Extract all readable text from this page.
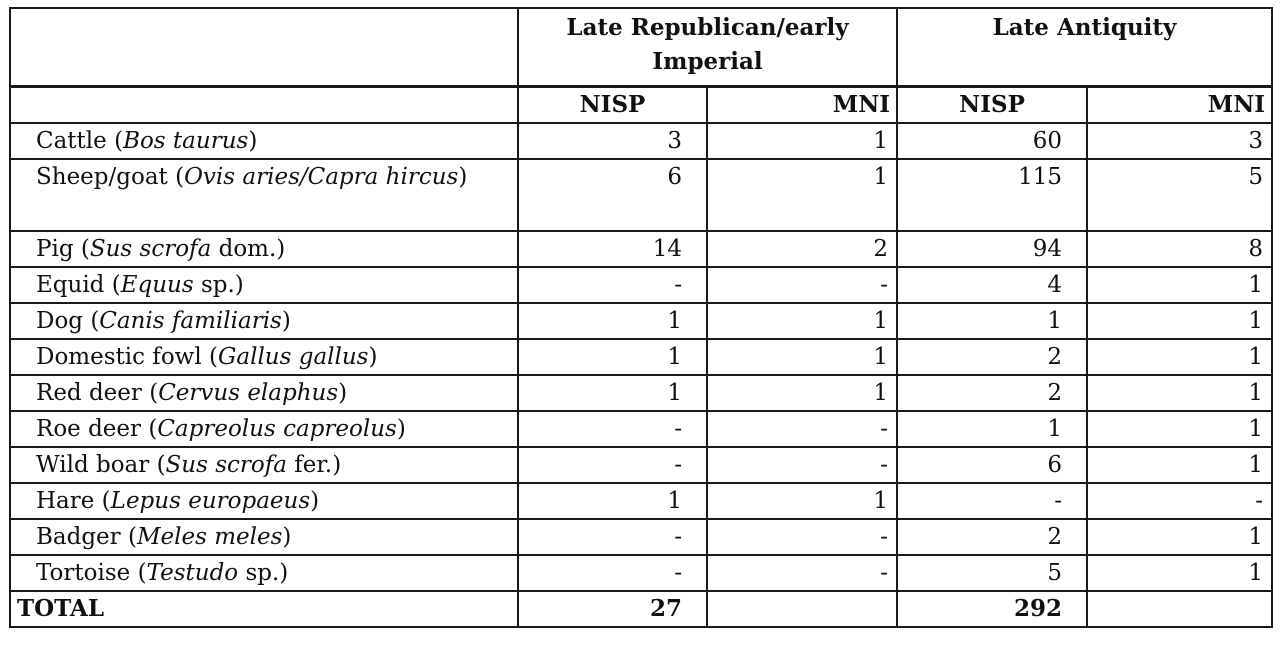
	Late Republican/early Imperial		Late Antiquity	
	NISP	MNI	NISP	MNI
Cattle (Bos taurus)	3	1	60	3
Sheep/goat (Ovis aries/Capra hircus)	6	1	115	5
Pig (Sus scrofa dom.)	14	2	94	8
Equid (Equus sp.)	-	-	4	1
Dog (Canis familiaris)	1	1	1	1
Domestic fowl (Gallus gallus)	1	1	2	1
Red deer (Cervus elaphus)	1	1	2	1
Roe deer (Capreolus capreolus)	-	-	1	1
Wild boar (Sus scrofa fer.)	-	-	6	1
Hare (Lepus europaeus)	1	1	-	-
Badger (Meles meles)	-	-	2	1
Tortoise (Testudo sp.)	-	-	5	1
TOTAL	27		292	
